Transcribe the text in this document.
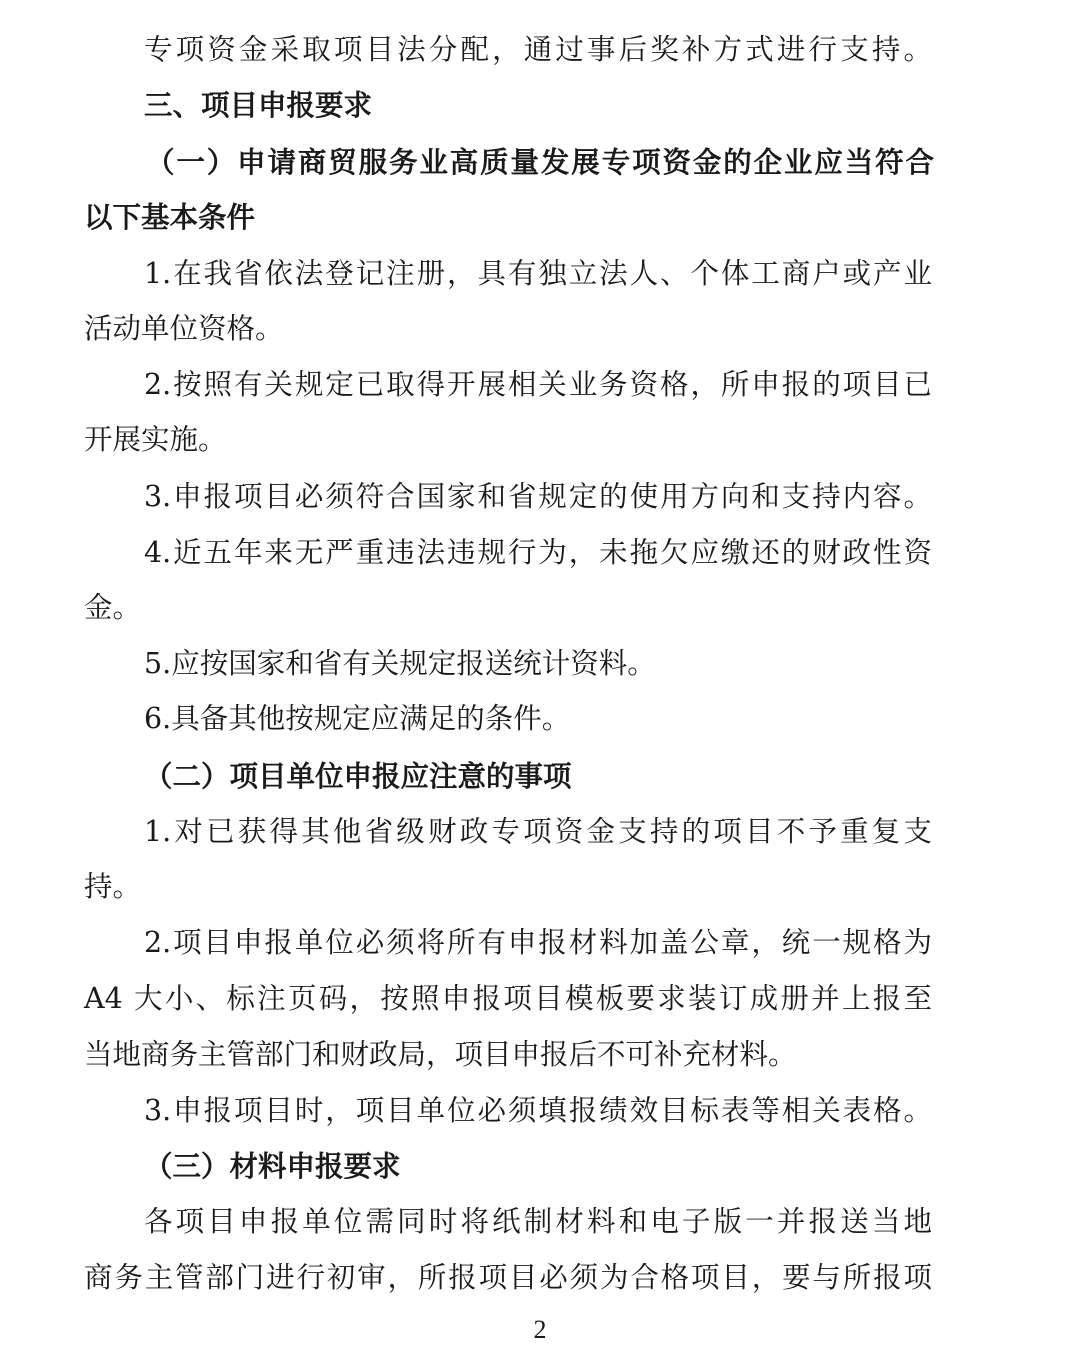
专项资金采取项目法分配，通过事后奖补方式进行支持。
三、项目申报要求
（一）申请商贸服务业高质量发展专项资金的企业应当符合
以下基本条件
1.在我省依法登记注册，具有独立法人、个体工商户或产业
活动单位资格。
2.按照有关规定已取得开展相关业务资格，所申报的项目已
开展实施。
3.申报项目必须符合国家和省规定的使用方向和支持内容。
4.近五年来无严重违法违规行为，未拖欠应缴还的财政性资
金。
5.应按国家和省有关规定报送统计资料。
6.具备其他按规定应满足的条件。
（二）项目单位申报应注意的事项
1.对已获得其他省级财政专项资金支持的项目不予重复支
持。
2.项目申报单位必须将所有申报材料加盖公章，统一规格为
A4 大小、标注页码，按照申报项目模板要求装订成册并上报至
当地商务主管部门和财政局，项目申报后不可补充材料。
3.申报项目时，项目单位必须填报绩效目标表等相关表格。
（三）材料申报要求
各项目申报单位需同时将纸制材料和电子版一并报送当地
商务主管部门进行初审，所报项目必须为合格项目，要与所报项
2
